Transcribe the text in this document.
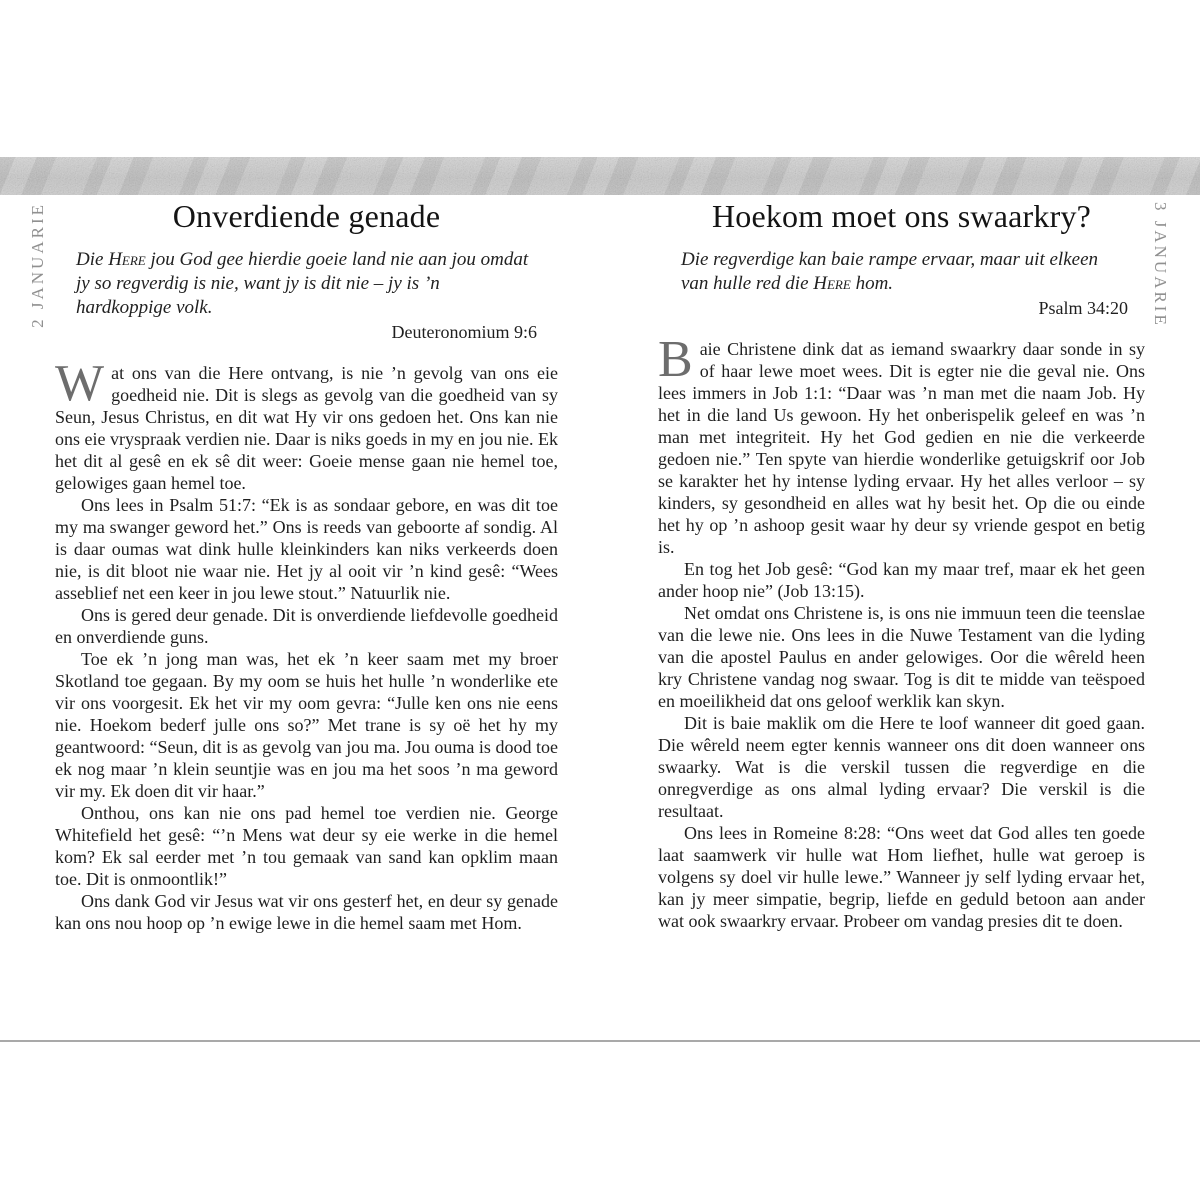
2 JANUARIE	3 JANUARIE
Onverdiende genade

Die Here jou God gee hierdie goeie land nie aan jou omdat jy so regverdig is nie, want jy is dit nie – jy is ’n hardkoppige volk.

Deuteronomium 9:6

Wat ons van die Here ontvang, is nie ’n gevolg van ons eie goedheid nie. Dit is slegs as gevolg van die goedheid van sy Seun, Jesus Christus, en dit wat Hy vir ons gedoen het. Ons kan nie ons eie vryspraak verdien nie. Daar is niks goeds in my en jou nie. Ek het dit al gesê en ek sê dit weer: Goeie mense gaan nie hemel toe, gelowiges gaan hemel toe.

Ons lees in Psalm 51:7: “Ek is as sondaar gebore, en was dit toe my ma swanger geword het.” Ons is reeds van geboorte af sondig. Al is daar oumas wat dink hulle kleinkinders kan niks verkeerds doen nie, is dit bloot nie waar nie. Het jy al ooit vir ’n kind gesê: “Wees asseblief net een keer in jou lewe stout.” Natuurlik nie.

Ons is gered deur genade. Dit is onverdiende liefdevolle goedheid en onverdiende guns.

Toe ek ’n jong man was, het ek ’n keer saam met my broer Skotland toe gegaan. By my oom se huis het hulle ’n wonderlike ete vir ons voorgesit. Ek het vir my oom gevra: “Julle ken ons nie eens nie. Hoekom bederf julle ons so?” Met trane is sy oë het hy my geantwoord: “Seun, dit is as gevolg van jou ma. Jou ouma is dood toe ek nog maar ’n klein seuntjie was en jou ma het soos ’n ma geword vir my. Ek doen dit vir haar.”

Onthou, ons kan nie ons pad hemel toe verdien nie. George Whitefield het gesê: “’n Mens wat deur sy eie werke in die hemel kom? Ek sal eerder met ’n tou gemaak van sand kan opklim maan toe. Dit is onmoontlik!”

Ons dank God vir Jesus wat vir ons gesterf het, en deur sy genade kan ons nou hoop op ’n ewige lewe in die hemel saam met Hom.

Hoekom moet ons swaarkry?

Die regverdige kan baie rampe ervaar, maar uit elkeen van hulle red die Here hom.

Psalm 34:20

Baie Christene dink dat as iemand swaarkry daar sonde in sy of haar lewe moet wees. Dit is egter nie die geval nie. Ons lees immers in Job 1:1: “Daar was ’n man met die naam Job. Hy het in die land Us gewoon. Hy het onberispelik geleef en was ’n man met integriteit. Hy het God gedien en nie die verkeerde gedoen nie.” Ten spyte van hierdie wonderlike getuigskrif oor Job se karakter het hy intense lyding ervaar. Hy het alles verloor – sy kinders, sy gesondheid en alles wat hy besit het. Op die ou einde het hy op ’n ashoop gesit waar hy deur sy vriende gespot en betig is.

En tog het Job gesê: “God kan my maar tref, maar ek het geen ander hoop nie” (Job 13:15).

Net omdat ons Christene is, is ons nie immuun teen die teenslae van die lewe nie. Ons lees in die Nuwe Testament van die lyding van die apostel Paulus en ander gelowiges. Oor die wêreld heen kry Christene vandag nog swaar. Tog is dit te midde van teëspoed en moeilikheid dat ons geloof werklik kan skyn.

Dit is baie maklik om die Here te loof wanneer dit goed gaan. Die wêreld neem egter kennis wanneer ons dit doen wanneer ons swaarky. Wat is die verskil tussen die regverdige en die onregverdige as ons almal lyding ervaar? Die verskil is die resultaat.

Ons lees in Romeine 8:28: “Ons weet dat God alles ten goede laat saamwerk vir hulle wat Hom liefhet, hulle wat geroep is volgens sy doel vir hulle lewe.” Wanneer jy self lyding ervaar het, kan jy meer simpatie, begrip, liefde en geduld betoon aan ander wat ook swaarkry ervaar. Probeer om vandag presies dit te doen.
